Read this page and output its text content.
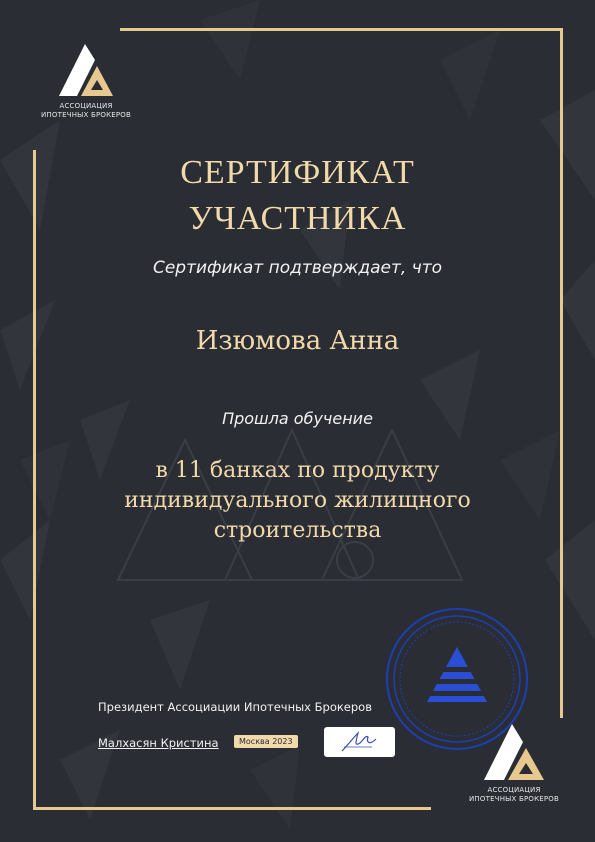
АССОЦИАЦИЯ
ИПОТЕЧНЫХ БРОКЕРОВ
СЕРТИФИКАТ
УЧАСТНИКА
Сертификат подтверждает, что
Изюмова Анна
Прошла обучение
в 11 банках по продукту
индивидуального жилищного
строительства
Президент Ассоциации Ипотечных Брокеров
Малхасян Кристина	Москва 2023
АССОЦИАЦИЯ
ИПОТЕЧНЫХ БРОКЕРОВ
